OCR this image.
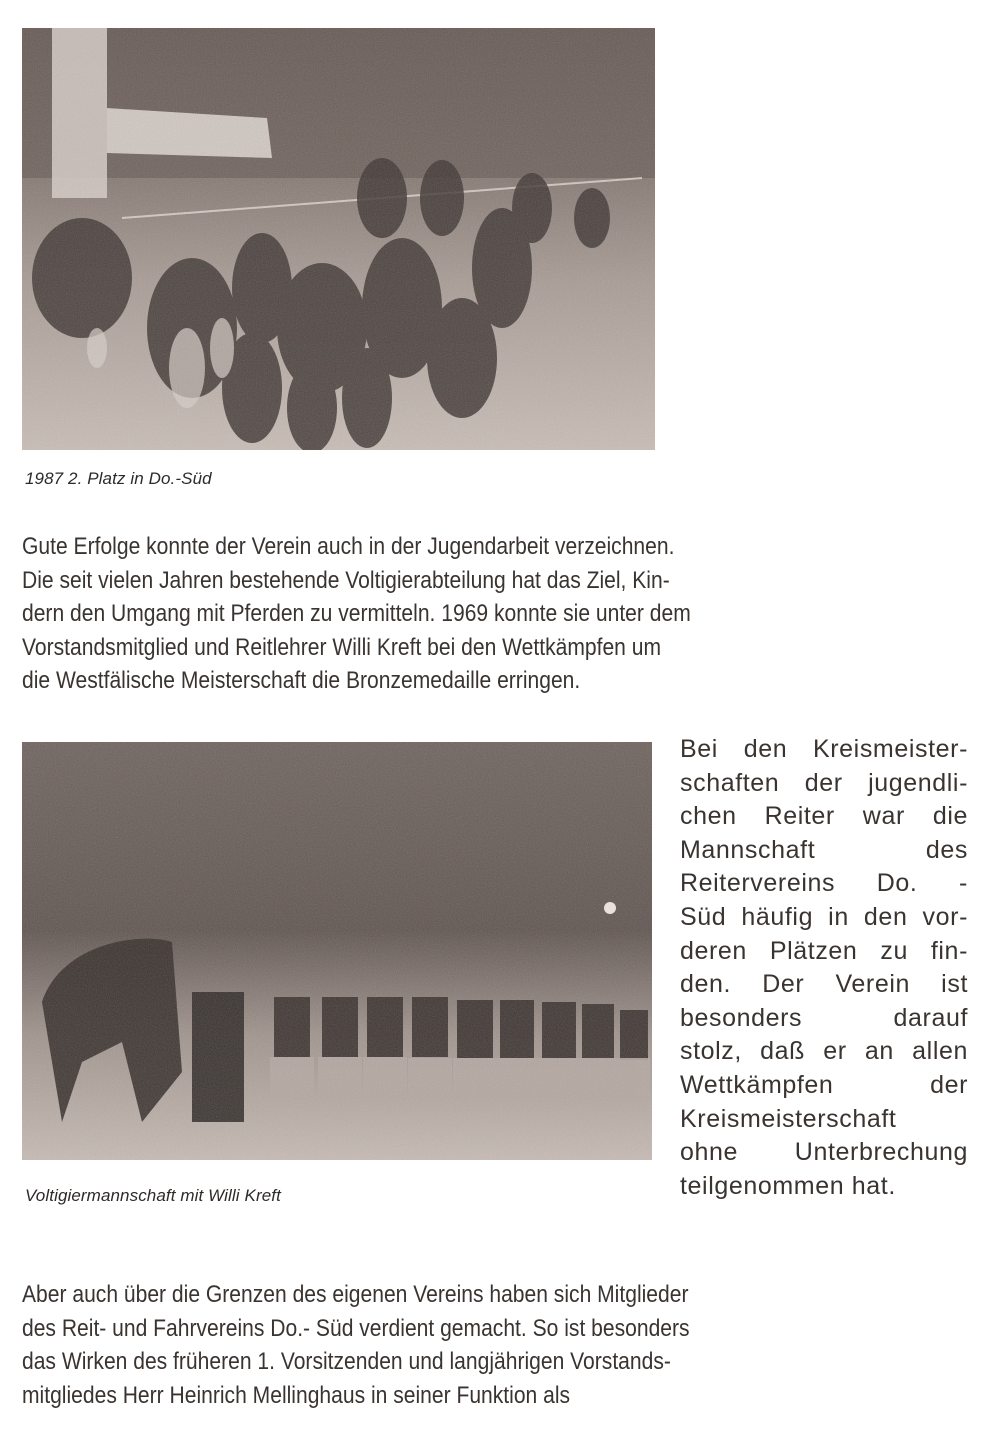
1987 2. Platz in Do.-Süd
Gute Erfolge konnte der Verein auch in der Jugendarbeit verzeichnen.
Die seit vielen Jahren bestehende Voltigierabteilung hat das Ziel, Kin-
dern den Umgang mit Pferden zu vermitteln. 1969 konnte sie unter dem
Vorstandsmitglied und Reitlehrer Willi Kreft bei den Wettkämpfen um
die Westfälische Meisterschaft die Bronzemedaille erringen.
Voltigiermannschaft mit Willi Kreft
Bei den Kreismeister-
schaften der jugendli-
chen Reiter war die
Mannschaft des
Reitervereins Do. -
Süd häufig in den vor-
deren Plätzen zu fin-
den. Der Verein ist
besonders darauf
stolz, daß er an allen
Wettkämpfen der
Kreismeisterschaft
ohne Unterbrechung
teilgenommen hat.
Aber auch über die Grenzen des eigenen Vereins haben sich Mitglieder
des Reit- und Fahrvereins Do.- Süd verdient gemacht. So ist besonders
das Wirken des früheren 1. Vorsitzenden und langjährigen Vorstands-
mitgliedes Herr Heinrich Mellinghaus in seiner Funktion als
